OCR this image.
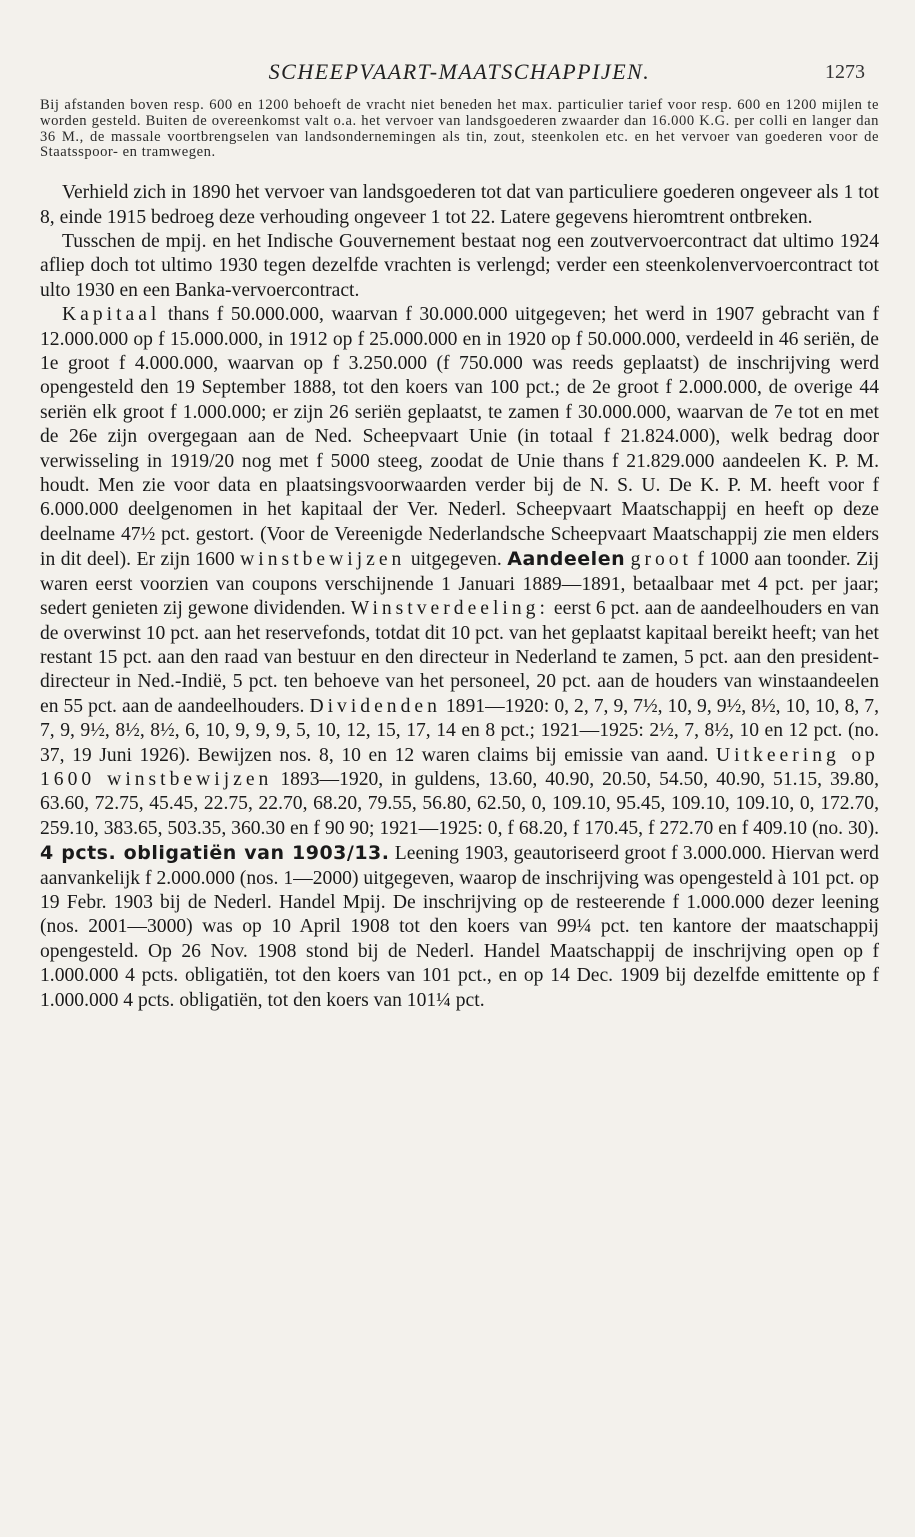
SCHEEPVAART-MAATSCHAPPIJEN.	1273
Bij afstanden boven resp. 600 en 1200 behoeft de vracht niet beneden het max. particulier tarief voor resp. 600 en 1200 mijlen te worden gesteld. Buiten de overeenkomst valt o.a. het vervoer van landsgoederen zwaarder dan 16.000 K.G. per colli en langer dan 36 M., de massale voortbrengselen van landsondernemingen als tin, zout, steenkolen etc. en het vervoer van goederen voor de Staatsspoor- en tramwegen.

Verhield zich in 1890 het vervoer van landsgoederen tot dat van particuliere goederen ongeveer als 1 tot 8, einde 1915 bedroeg deze verhouding ongeveer 1 tot 22. Latere gegevens hieromtrent ontbreken.

Tusschen de mpij. en het Indische Gouvernement bestaat nog een zoutvervoercontract dat ultimo 1924 afliep doch tot ultimo 1930 tegen dezelfde vrachten is verlengd; verder een steenkolenvervoercontract tot ulto 1930 en een Banka-vervoercontract.

Kapitaal thans f 50.000.000, waarvan f 30.000.000 uitgegeven; het werd in 1907 gebracht van f 12.000.000 op f 15.000.000, in 1912 op f 25.000.000 en in 1920 op f 50.000.000, verdeeld in 46 seriën, de 1e groot f 4.000.000, waarvan op f 3.250.000 (f 750.000 was reeds geplaatst) de inschrijving werd opengesteld den 19 September 1888, tot den koers van 100 pct.; de 2e groot f 2.000.000, de overige 44 seriën elk groot f 1.000.000; er zijn 26 seriën geplaatst, te zamen f 30.000.000, waarvan de 7e tot en met de 26e zijn overgegaan aan de Ned. Scheepvaart Unie (in totaal f 21.824.000), welk bedrag door verwisseling in 1919/20 nog met f 5000 steeg, zoodat de Unie thans f 21.829.000 aandeelen K. P. M. houdt. Men zie voor data en plaatsingsvoorwaarden verder bij de N. S. U. De K. P. M. heeft voor f 6.000.000 deelgenomen in het kapitaal der Ver. Nederl. Scheepvaart Maatschappij en heeft op deze deelname 47½ pct. gestort. (Voor de Vereenigde Nederlandsche Scheepvaart Maatschappij zie men elders in dit deel). Er zijn 1600 winstbewijzen uitgegeven. Aandeelen groot f 1000 aan toonder. Zij waren eerst voorzien van coupons verschijnende 1 Januari 1889—1891, betaalbaar met 4 pct. per jaar; sedert genieten zij gewone dividenden. Winstverdeeling: eerst 6 pct. aan de aandeelhouders en van de overwinst 10 pct. aan het reservefonds, totdat dit 10 pct. van het geplaatst kapitaal bereikt heeft; van het restant 15 pct. aan den raad van bestuur en den directeur in Nederland te zamen, 5 pct. aan den president-directeur in Ned.-Indië, 5 pct. ten behoeve van het personeel, 20 pct. aan de houders van winstaandeelen en 55 pct. aan de aandeelhouders. Dividenden 1891—1920: 0, 2, 7, 9, 7½, 10, 9, 9½, 8½, 10, 10, 8, 7, 7, 9, 9½, 8½, 8½, 6, 10, 9, 9, 9, 5, 10, 12, 15, 17, 14 en 8 pct.; 1921—1925: 2½, 7, 8½, 10 en 12 pct. (no. 37, 19 Juni 1926). Bewijzen nos. 8, 10 en 12 waren claims bij emissie van aand. Uitkeering op 1600 winstbewijzen 1893—1920, in guldens, 13.60, 40.90, 20.50, 54.50, 40.90, 51.15, 39.80, 63.60, 72.75, 45.45, 22.75, 22.70, 68.20, 79.55, 56.80, 62.50, 0, 109.10, 95.45, 109.10, 109.10, 0, 172.70, 259.10, 383.65, 503.35, 360.30 en f 90 90; 1921—1925: 0, f 68.20, f 170.45, f 272.70 en f 409.10 (no. 30). 4 pcts. obligatiën van 1903/13. Leening 1903, geautoriseerd groot f 3.000.000. Hiervan werd aanvankelijk f 2.000.000 (nos. 1—2000) uitgegeven, waarop de inschrijving was opengesteld à 101 pct. op 19 Febr. 1903 bij de Nederl. Handel Mpij. De inschrijving op de resteerende f 1.000.000 dezer leening (nos. 2001—3000) was op 10 April 1908 tot den koers van 99¼ pct. ten kantore der maatschappij opengesteld. Op 26 Nov. 1908 stond bij de Nederl. Handel Maatschappij de inschrijving open op f 1.000.000 4 pcts. obligatiën, tot den koers van 101 pct., en op 14 Dec. 1909 bij dezelfde emittente op f 1.000.000 4 pcts. obligatiën, tot den koers van 101¼ pct.
